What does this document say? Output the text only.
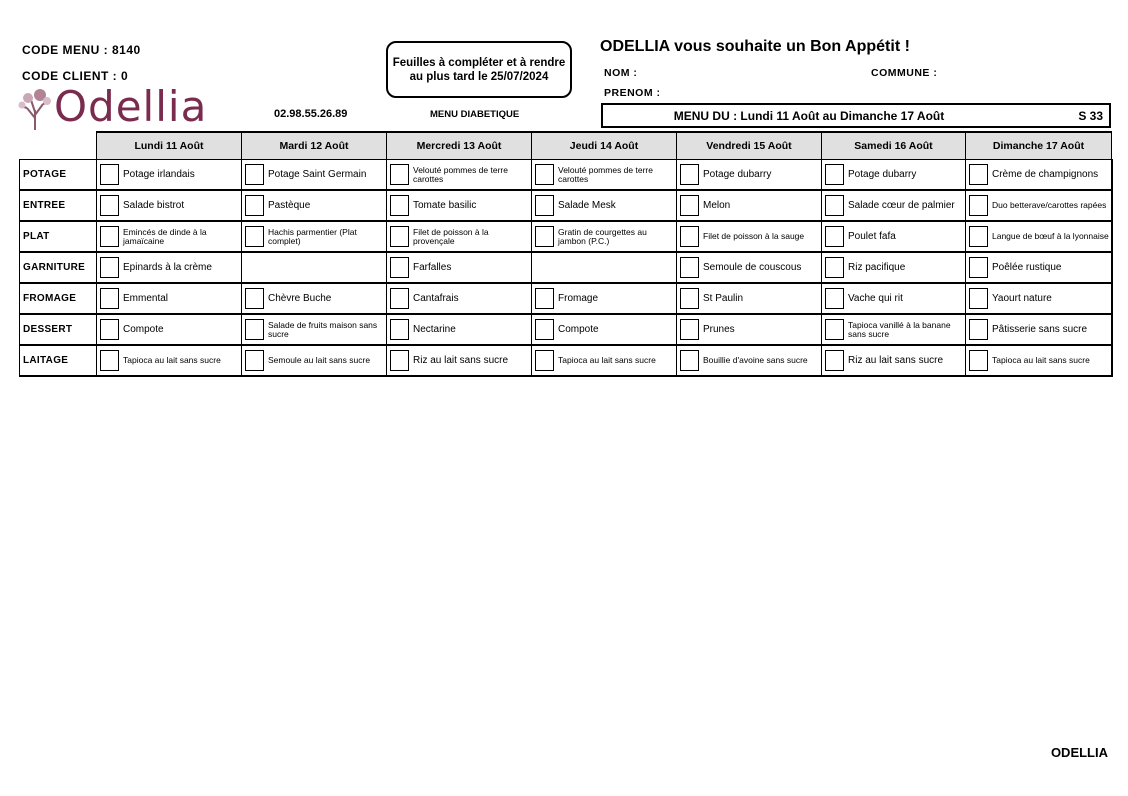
CODE MENU : 8140
CODE CLIENT : 0
Feuilles à compléter et à rendre
au plus tard le 25/07/2024
ODELLIA vous souhaite un Bon Appétit !
NOM :	COMMUNE :
PRENOM :
Odellia	02.98.55.26.89	MENU DIABETIQUE	MENU DU : Lundi 11 Août au Dimanche 17 Août	S 33
	Lundi 11 Août	Mardi 12 Août	Mercredi 13 Août	Jeudi 14 Août	Vendredi 15 Août	Samedi 16 Août	Dimanche 17 Août
POTAGE	Potage irlandais	Potage Saint Germain	Velouté pommes de terre carottes	Velouté pommes de terre carottes	Potage dubarry	Potage dubarry	Crème de champignons

ENTREE	Salade bistrot	Pastèque	Tomate basilic	Salade Mesk	Melon	Salade cœur de palmier	Duo betterave/carottes rapées

PLAT	Emincés de dinde à la jamaïcaine	Hachis parmentier (Plat complet)	Filet de poisson à la provençale	Gratin de courgettes au jambon (P.C.)	Filet de poisson à la sauge	Poulet fafa	Langue de bœuf à la lyonnaise

GARNITURE	Epinards à la crème		Farfalles		Semoule de couscous	Riz pacifique	Poêlée rustique

FROMAGE	Emmental	Chèvre Buche	Cantafrais	Fromage	St Paulin	Vache qui rit	Yaourt nature

DESSERT	Compote	Salade de fruits maison sans sucre	Nectarine	Compote	Prunes	Tapioca vanillé à la banane sans sucre	Pâtisserie sans sucre

LAITAGE	Tapioca au lait sans sucre	Semoule au lait sans sucre	Riz au lait sans sucre	Tapioca au lait sans sucre	Bouillie d'avoine sans sucre	Riz au lait sans sucre	Tapioca au lait sans sucre
ODELLIA
